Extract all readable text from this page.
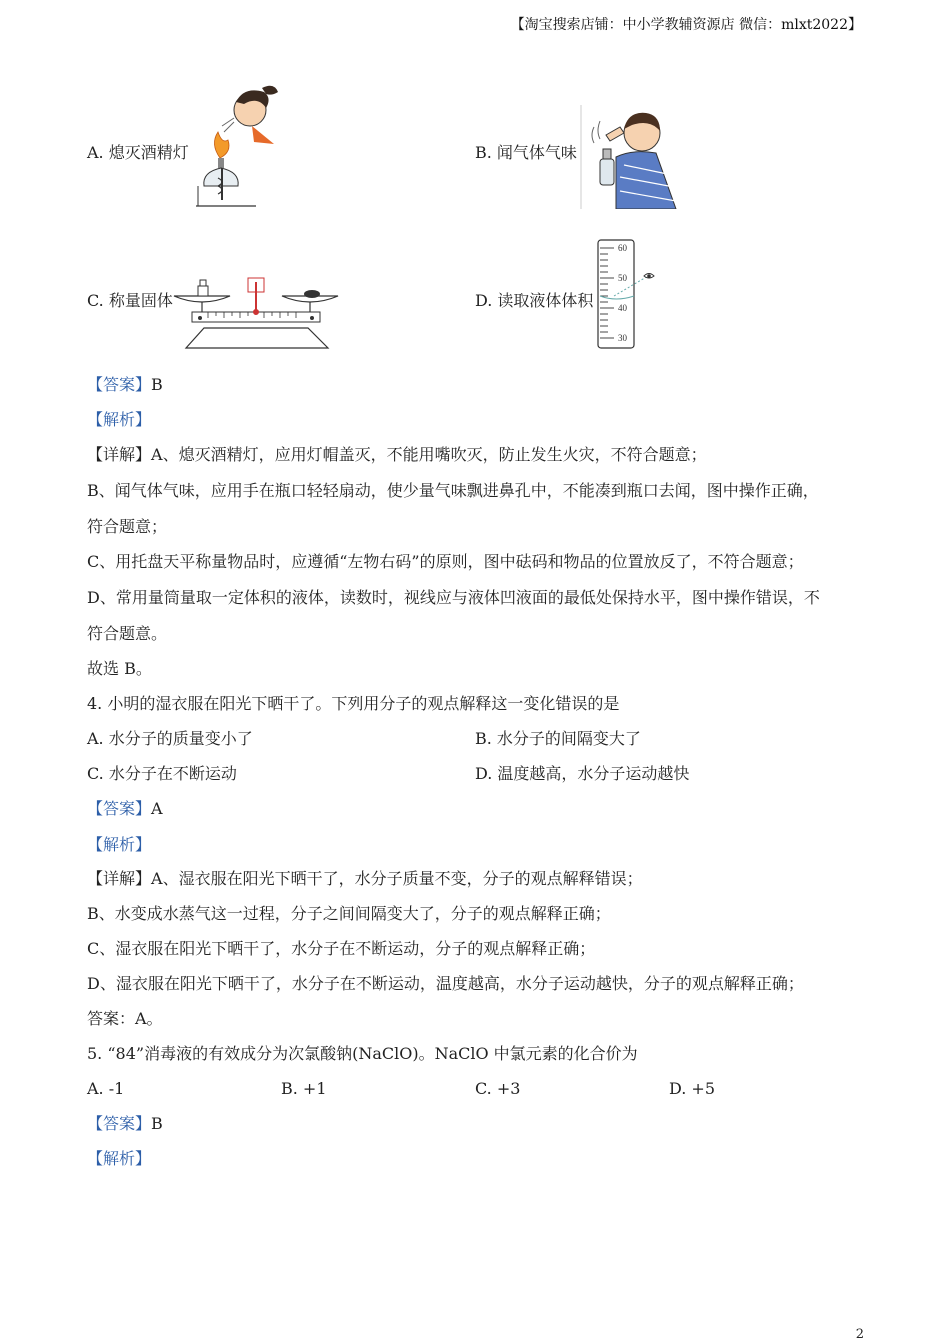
【淘宝搜索店铺：中小学教辅资源店 微信：mlxt2022】
A. 熄灭酒精灯	B. 闻气体气味
C. 称量固体	D. 读取液体体积
60
50
40
30
【答案】B
【解析】
【详解】A、熄灭酒精灯，应用灯帽盖灭，不能用嘴吹灭，防止发生火灾，不符合题意；
B、闻气体气味，应用手在瓶口轻轻扇动，使少量气味飘进鼻孔中，不能凑到瓶口去闻，图中操作正确，
符合题意；
C、用托盘天平称量物品时，应遵循“左物右码”的原则，图中砝码和物品的位置放反了，不符合题意；
D、常用量筒量取一定体积的液体，读数时，视线应与液体凹液面的最低处保持水平，图中操作错误，不
符合题意。
故选 B。
4. 小明的湿衣服在阳光下晒干了。下列用分子的观点解释这一变化错误的是
A. 水分子的质量变小了	B. 水分子的间隔变大了
C. 水分子在不断运动	D. 温度越高，水分子运动越快
【答案】A
【解析】
【详解】A、湿衣服在阳光下晒干了，水分子质量不变，分子的观点解释错误；
B、水变成水蒸气这一过程，分子之间间隔变大了，分子的观点解释正确；
C、湿衣服在阳光下晒干了，水分子在不断运动，分子的观点解释正确；
D、湿衣服在阳光下晒干了，水分子在不断运动，温度越高，水分子运动越快，分子的观点解释正确；
答案：A。
5. “84”消毒液的有效成分为次氯酸钠(NaClO)。NaClO 中氯元素的化合价为
A. -1	B. +1	C. +3	D. +5
【答案】B
【解析】
2
